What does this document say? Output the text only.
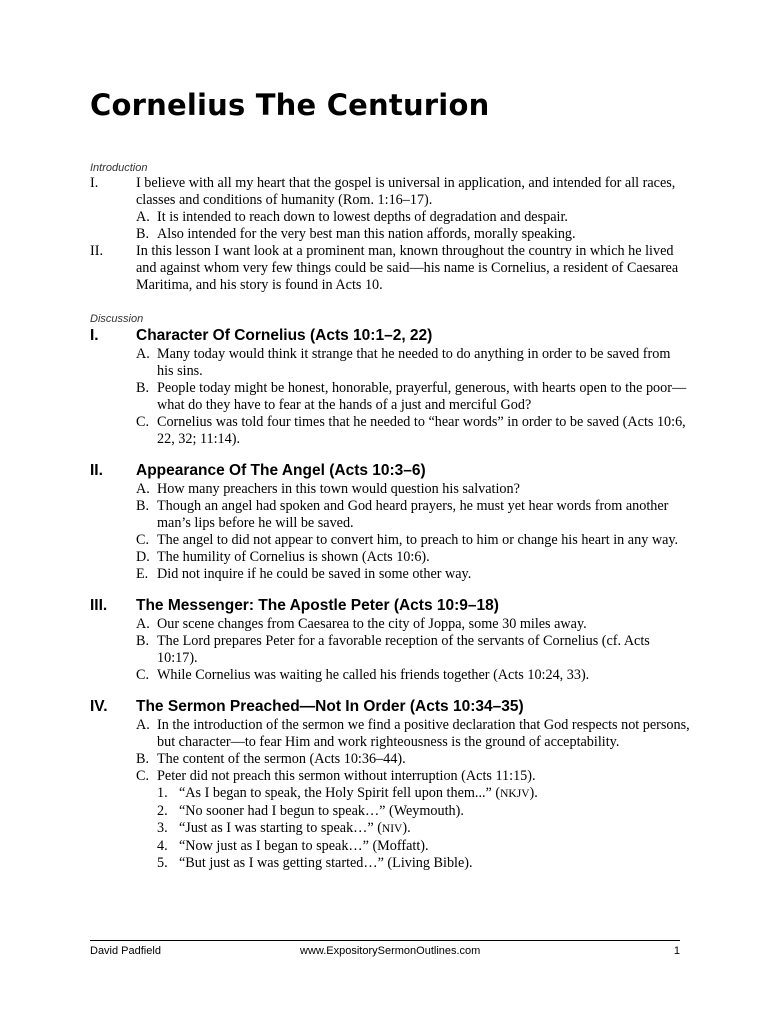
Cornelius The Centurion
Introduction
I.	I believe with all my heart that the gospel is universal in application, and intended for all races, classes and conditions of humanity (Rom. 1:16–17).
A. It is intended to reach down to lowest depths of degradation and despair.
B. Also intended for the very best man this nation affords, morally speaking.
II. In this lesson I want look at a prominent man, known throughout the country in which he lived and against whom very few things could be said—his name is Cornelius, a resident of Caesarea Maritima, and his story is found in Acts 10.
Discussion
I. Character Of Cornelius (Acts 10:1–2, 22)
A. Many today would think it strange that he needed to do anything in order to be saved from his sins.
B. People today might be honest, honorable, prayerful, generous, with hearts open to the poor—what do they have to fear at the hands of a just and merciful God?
C. Cornelius was told four times that he needed to “hear words” in order to be saved (Acts 10:6, 22, 32; 11:14).
II. Appearance Of The Angel (Acts 10:3–6)
A. How many preachers in this town would question his salvation?
B. Though an angel had spoken and God heard prayers, he must yet hear words from another man’s lips before he will be saved.
C. The angel to did not appear to convert him, to preach to him or change his heart in any way.
D. The humility of Cornelius is shown (Acts 10:6).
E. Did not inquire if he could be saved in some other way.
III. The Messenger: The Apostle Peter (Acts 10:9–18)
A. Our scene changes from Caesarea to the city of Joppa, some 30 miles away.
B. The Lord prepares Peter for a favorable reception of the servants of Cornelius (cf. Acts 10:17).
C. While Cornelius was waiting he called his friends together (Acts 10:24, 33).
IV. The Sermon Preached—Not In Order (Acts 10:34–35)
A. In the introduction of the sermon we find a positive declaration that God respects not persons, but character—to fear Him and work righteousness is the ground of acceptability.
B. The content of the sermon (Acts 10:36–44).
C. Peter did not preach this sermon without interruption (Acts 11:15).
1. “As I began to speak, the Holy Spirit fell upon them...” (NKJV).
2. “No sooner had I begun to speak…” (Weymouth).
3. “Just as I was starting to speak…” (NIV).
4. “Now just as I began to speak…” (Moffatt).
5. “But just as I was getting started…” (Living Bible).
David Padfield	www.ExpositorySermonOutlines.com	1
